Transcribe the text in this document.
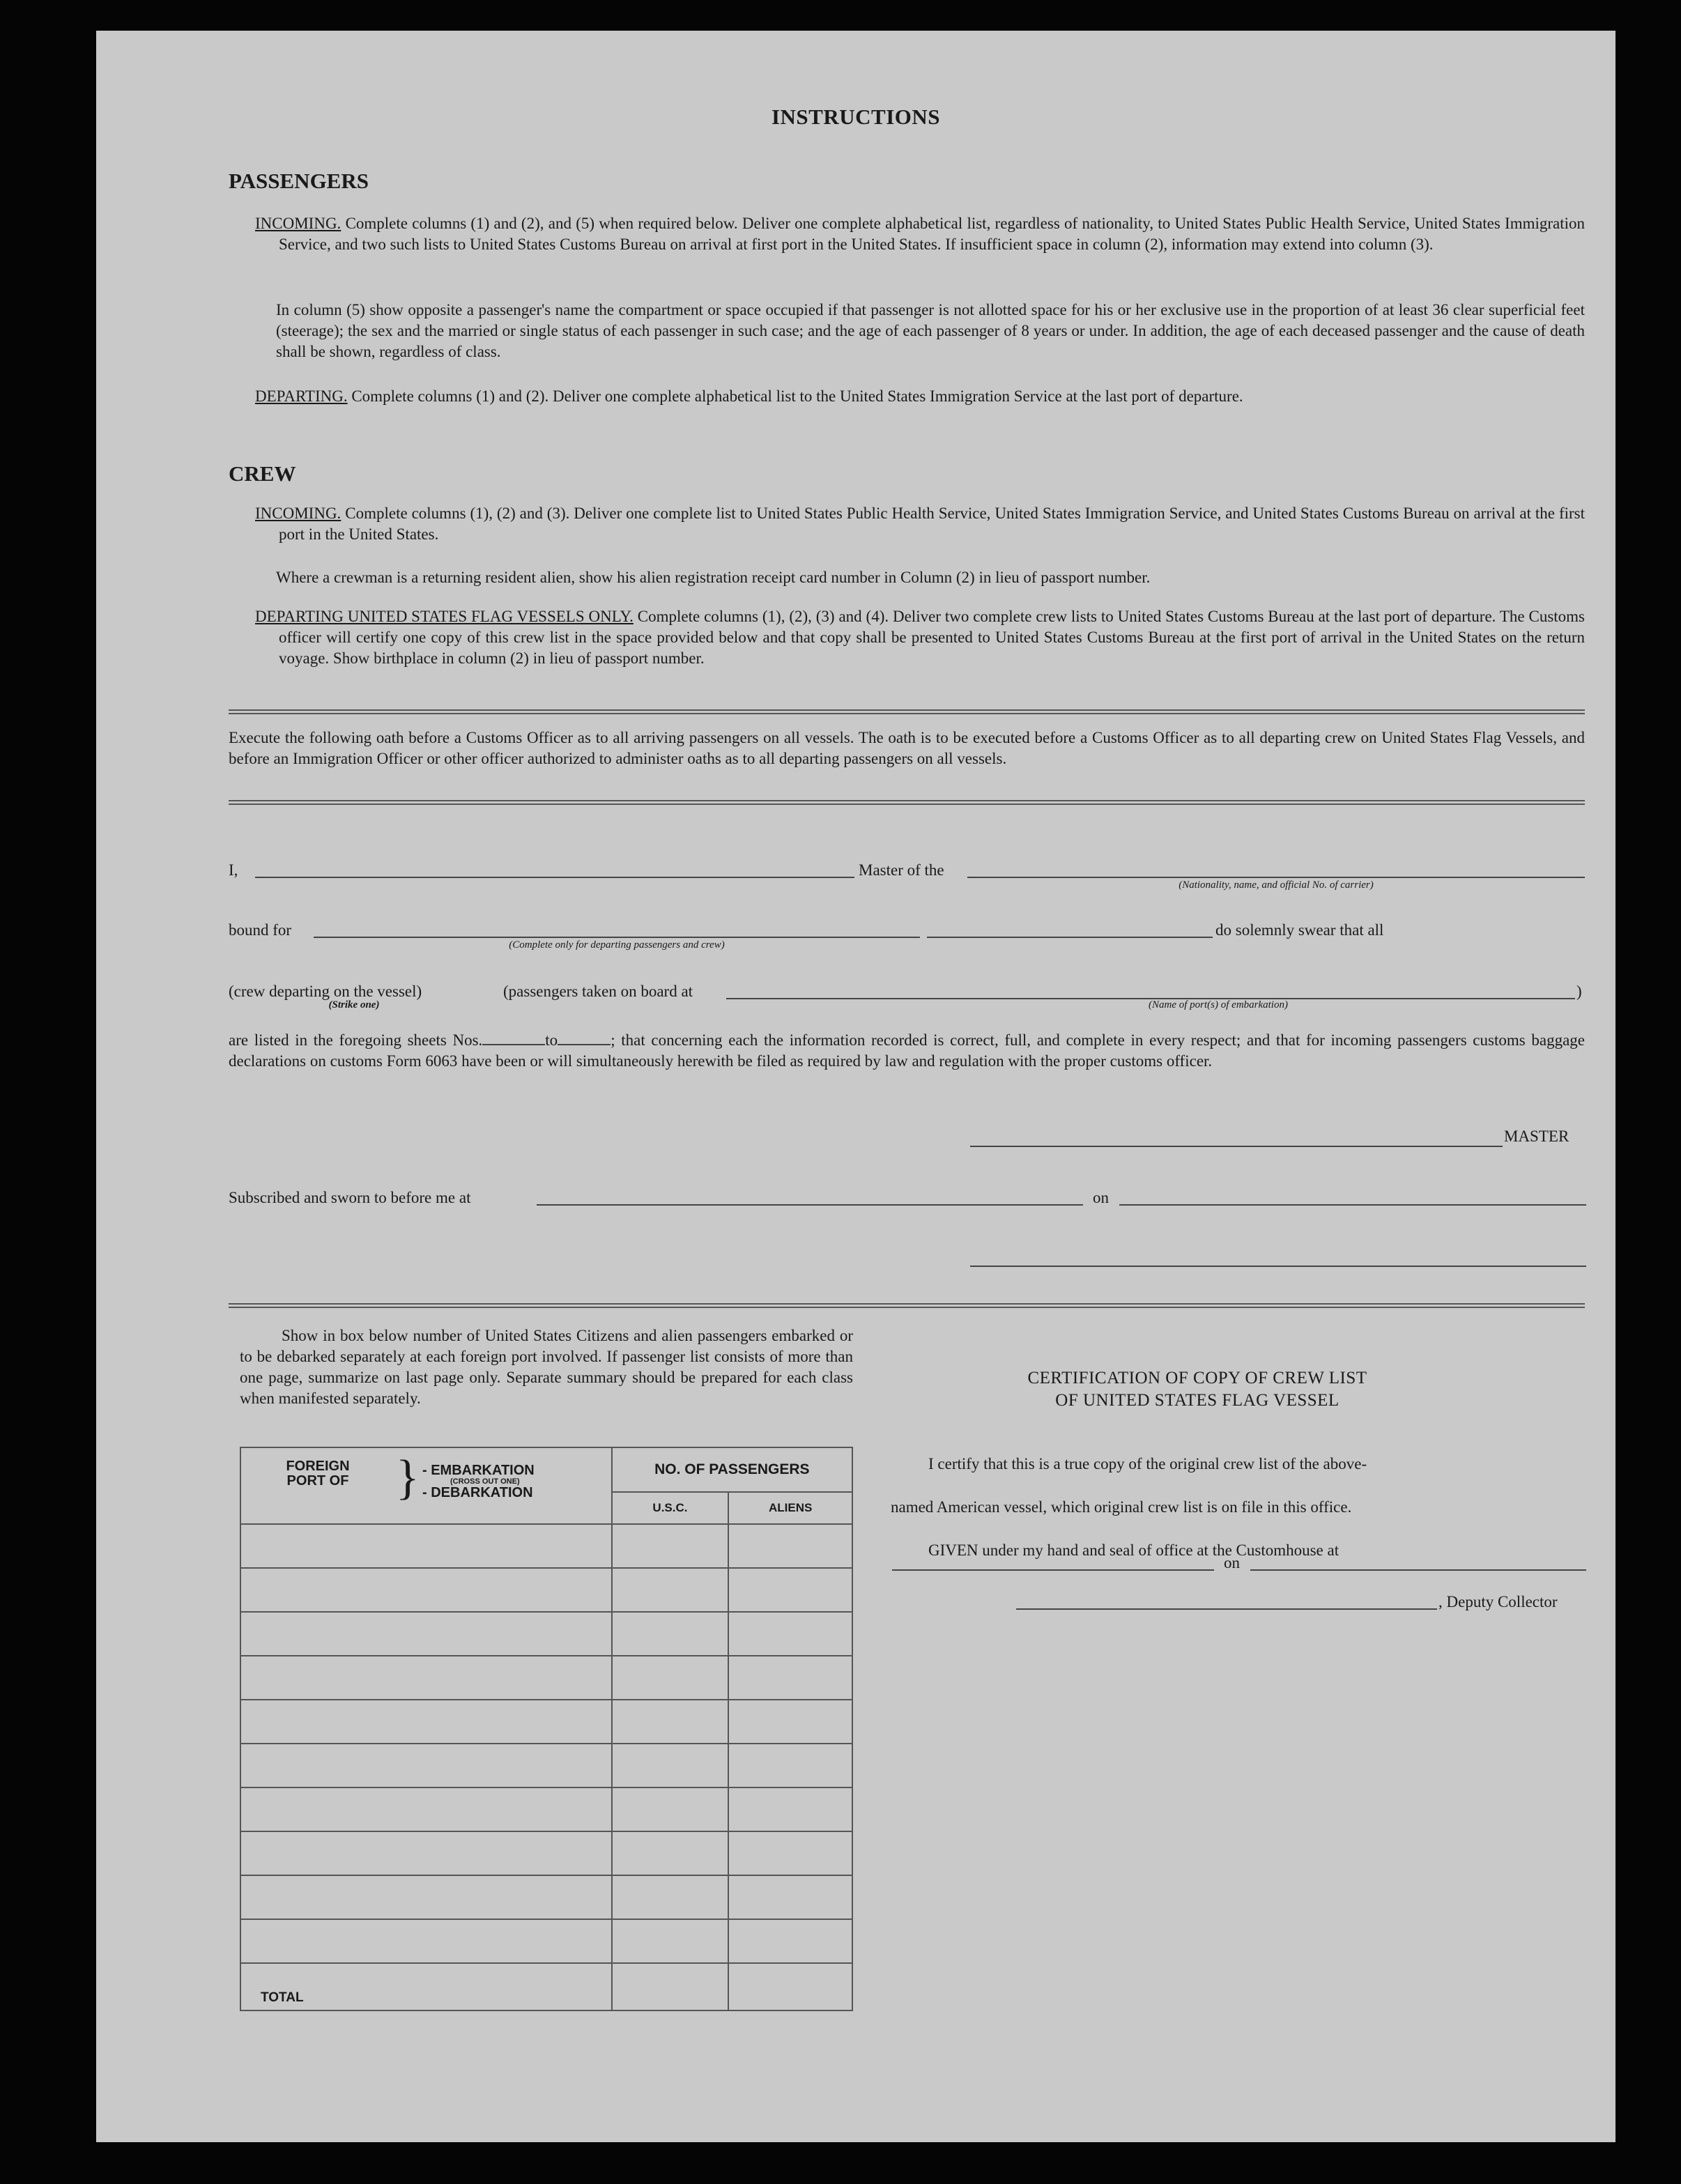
INSTRUCTIONS
PASSENGERS
INCOMING. Complete columns (1) and (2), and (5) when required below. Deliver one complete alphabetical list, regardless of nationality, to United States Public Health Service, United States Immigration Service, and two such lists to United States Customs Bureau on arrival at first port in the United States. If insufficient space in column (2), information may extend into column (3).
In column (5) show opposite a passenger's name the compartment or space occupied if that passenger is not allotted space for his or her exclusive use in the proportion of at least 36 clear superficial feet (steerage); the sex and the married or single status of each passenger in such case; and the age of each passenger of 8 years or under. In addition, the age of each deceased passenger and the cause of death shall be shown, regardless of class.
DEPARTING. Complete columns (1) and (2). Deliver one complete alphabetical list to the United States Immigration Service at the last port of departure.
CREW
INCOMING. Complete columns (1), (2) and (3). Deliver one complete list to United States Public Health Service, United States Immigration Service, and United States Customs Bureau on arrival at the first port in the United States.
Where a crewman is a returning resident alien, show his alien registration receipt card number in Column (2) in lieu of passport number.
DEPARTING UNITED STATES FLAG VESSELS ONLY. Complete columns (1), (2), (3) and (4). Deliver two complete crew lists to United States Customs Bureau at the last port of departure. The Customs officer will certify one copy of this crew list in the space provided below and that copy shall be presented to United States Customs Bureau at the first port of arrival in the United States on the return voyage. Show birthplace in column (2) in lieu of passport number.
Execute the following oath before a Customs Officer as to all arriving passengers on all vessels. The oath is to be executed before a Customs Officer as to all departing crew on United States Flag Vessels, and before an Immigration Officer or other officer authorized to administer oaths as to all departing passengers on all vessels.
I,	Master of the
(Nationality, name, and official No. of carrier)
bound for
(Complete only for departing passengers and crew)
do solemnly swear that all
(crew departing on the vessel)
(Strike one)
(passengers taken on board at	)
(Name of port(s) of embarkation)
are listed in the foregoing sheets Nos.	to	; that concerning each the information recorded is correct, full, and complete in every respect; and that for incoming passengers customs baggage declarations on customs Form 6063 have been or will simultaneously herewith be filed as required by law and regulation with the proper customs officer.
MASTER
Subscribed and sworn to before me at	on
Show in box below number of United States Citizens and alien passengers embarked or to be debarked separately at each foreign port involved. If passenger list consists of more than one page, summarize on last page only. Separate summary should be prepared for each class when manifested separately.
FOREIGN PORT OF } - EMBARKATION
(CROSS OUT ONE)
- DEBARKATION	NO. OF PASSENGERS	
	U.S.C.	ALIENS

TOTAL		
CERTIFICATION OF COPY OF CREW LIST
OF UNITED STATES FLAG VESSEL
I certify that this is a true copy of the original crew list of the above-
named American vessel, which original crew list is on file in this office.
GIVEN under my hand and seal of office at the Customhouse at
on
, Deputy Collector
